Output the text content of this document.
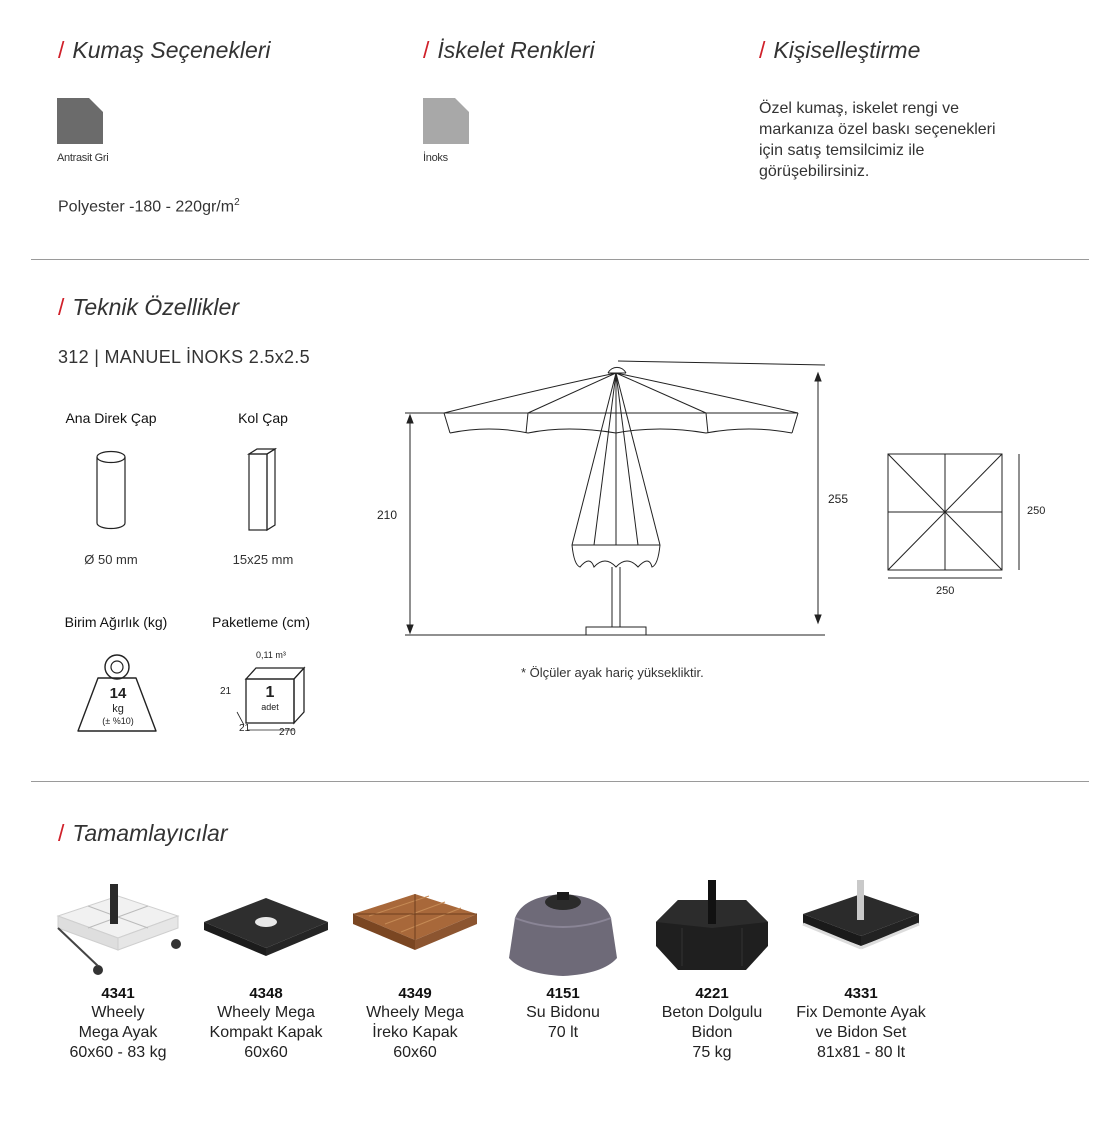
/ Kumaş Seçenekleri	/ İskelet Renkleri	/ Kişiselleştirme
Antrasit Gri	İnoks
Polyester $-180 - 220gr/m^2$
Özel kumaş, iskelet rengi ve
markanıza özel baskı seçenekleri
için satış temsilcimiz ile
görüşebilirsiniz.
/ Teknik Özellikler
312 | MANUEL İNOKS 2.5x2.5
Ana Direk Çap	Kol Çap
Ø 50 mm	15x25 mm
Birim Ağırlık (kg)	Paketleme (cm)
14
kg
(± %10)
0,11 m³
1
adet
21
21	270
210
255
250
250
* Ölçüler ayak hariç yüksekliktir.
/ Tamamlayıcılar
4341
Wheely
Mega Ayak
60x60 - 83 kg
4348
Wheely Mega
Kompakt Kapak
60x60
4349
Wheely Mega
İreko Kapak
60x60
4151
Su Bidonu
70 lt
4221
Beton Dolgulu
Bidon
75 kg
4331
Fix Demonte Ayak
ve Bidon Set
81x81 - 80 lt
